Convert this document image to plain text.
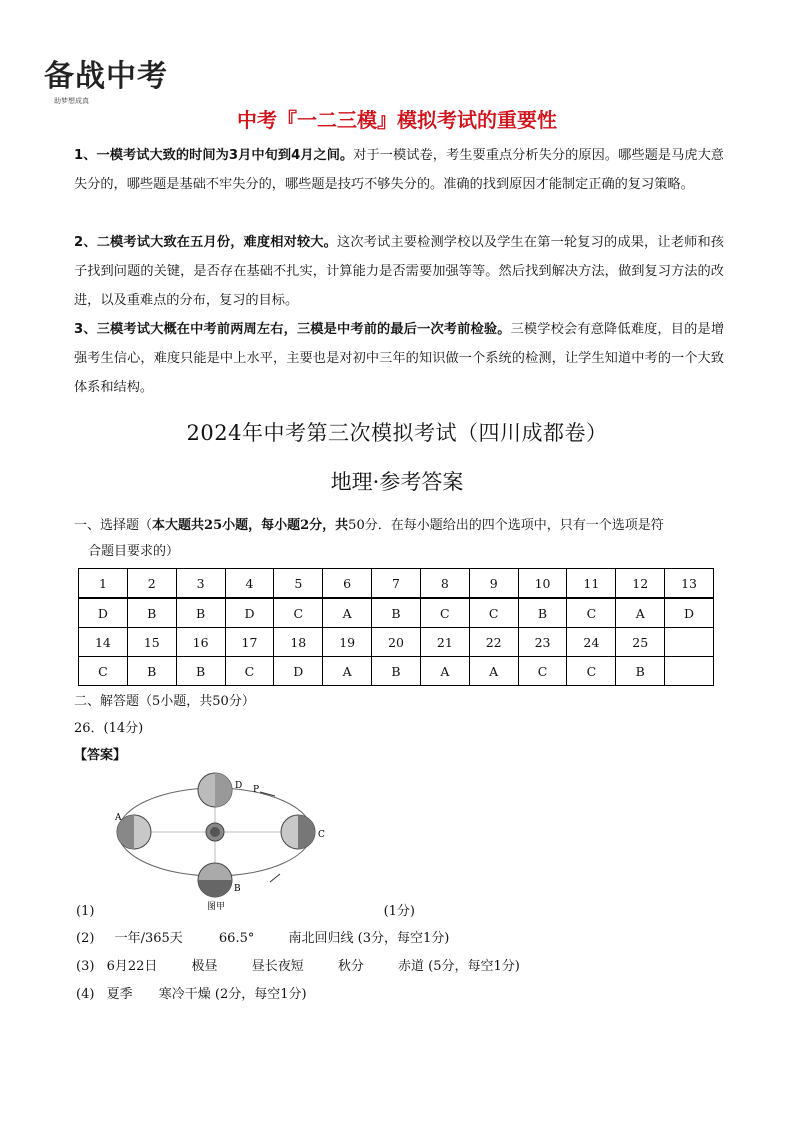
备战中考
助梦想成真
中考『一二三模』模拟考试的重要性
1、一模考试大致的时间为3月中旬到4月之间。对于一模试卷，考生要重点分析失分的原因。哪些题是马虎大意失分的，哪些题是基础不牢失分的，哪些题是技巧不够失分的。准确的找到原因才能制定正确的复习策略。
2、二模考试大致在五月份，难度相对较大。这次考试主要检测学校以及学生在第一轮复习的成果，让老师和孩子找到问题的关键，是否存在基础不扎实，计算能力是否需要加强等等。然后找到解决方法，做到复习方法的改进，以及重难点的分布，复习的目标。
3、三模考试大概在中考前两周左右，三模是中考前的最后一次考前检验。三模学校会有意降低难度，目的是增强考生信心，难度只能是中上水平，主要也是对初中三年的知识做一个系统的检测，让学生知道中考的一个大致体系和结构。
2024年中考第三次模拟考试（四川成都卷）
地理·参考答案
一、选择题（本大题共25小题，每小题2分，共50分．在每小题给出的四个选项中，只有一个选项是符
合题目要求的）
1	2	3	4	5	6	7	8	9	10	11	12	13
D	B	B	D	C	A	B	C	C	B	C	A	D
14	15	16	17	18	19	20	21	22	23	24	25	
C	B	B	C	D	A	B	A	A	C	C	B	
二、解答题（5小题，共50分）
26．(14分)
【答案】
A
B
C
D P
图甲
(1)	(1分)
(2) 一年/365天	66.5°	南北回归线 (3分，每空1分)
(3) 6月22日	极昼	昼长夜短	秋分	赤道 (5分，每空1分)
(4) 夏季 寒冷干燥 (2分，每空1分)
